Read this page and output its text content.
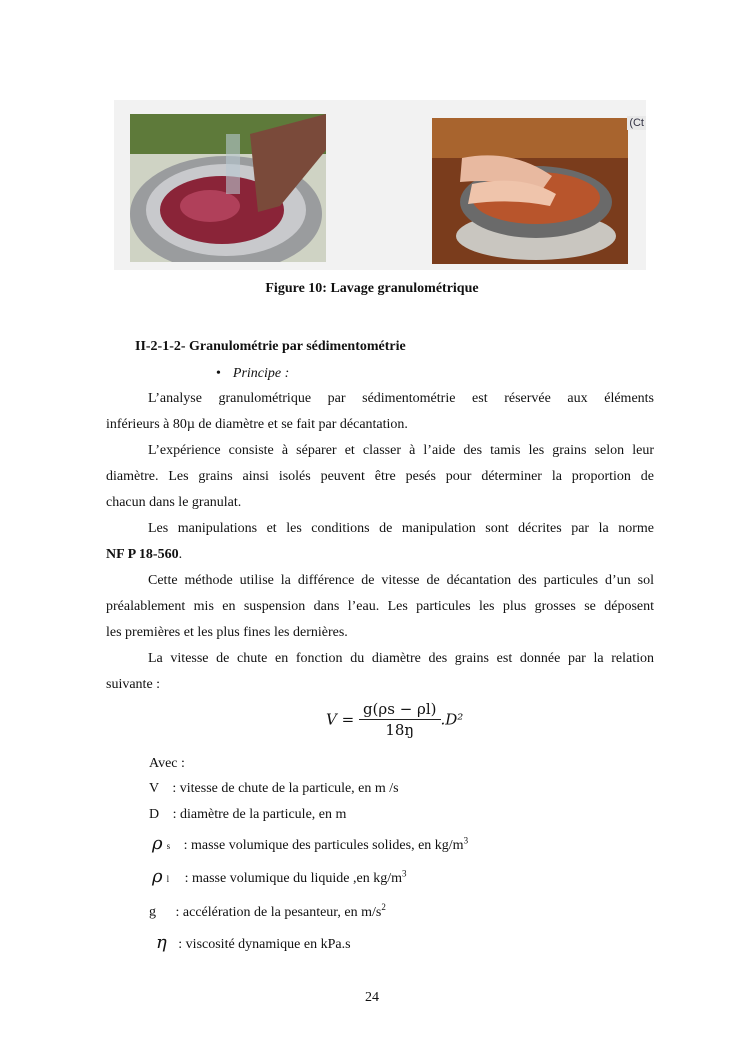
(Ct
Figure 10: Lavage granulométrique
II-2-1-2- Granulométrie par sédimentométrie
• Principe :
L’analyse granulométrique par sédimentométrie est réservée aux éléments
inférieurs à 80µ de diamètre et se fait par décantation.
L’expérience consiste à séparer et classer à l’aide des tamis les grains selon leur
diamètre. Les grains ainsi isolés peuvent être pesés pour déterminer la proportion de
chacun dans le granulat.
Les manipulations et les conditions de manipulation sont décrites par la norme
NF P 18-560.
Cette méthode utilise la différence de vitesse de décantation des particules d’un sol
préalablement mis en suspension dans l’eau. Les particules les plus grosses se déposent
les premières et les plus fines les dernières.
La vitesse de chute en fonction du diamètre des grains est donnée par la relation
suivante :
$V = \frac{g(\rho s - \rho l)}{18ŋ} .D^2$
Avec :
V : vitesse de chute de la particule, en m /s
D : diamètre de la particule, en m
ρs : masse volumique des particules solides, en $kg/m^3$
ρl : masse volumique du liquide ,en $kg/m^3$
g : accélération de la pesanteur, en $m/s^2$
η : viscosité dynamique en kPa.s
24
